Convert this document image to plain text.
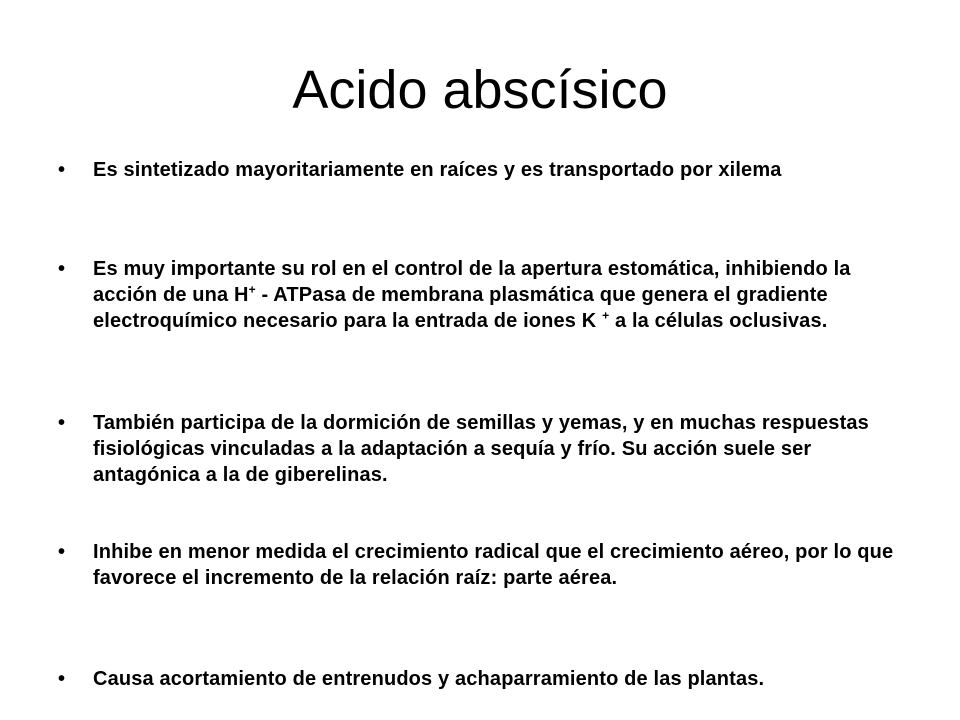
Acido abscísico
• Es sintetizado mayoritariamente en raíces y es transportado por xilema
• Es muy importante su rol en el control de la apertura estomática, inhibiendo la acción de una H+ - ATPasa de membrana plasmática que genera el gradiente electroquímico necesario para la entrada de iones K + a la células oclusivas.
• También participa de la dormición de semillas y yemas, y en muchas respuestas fisiológicas vinculadas a la adaptación a sequía y frío. Su acción suele ser antagónica a la de giberelinas.
• Inhibe en menor medida el crecimiento radical que el crecimiento aéreo, por lo que favorece el incremento de la relación raíz: parte aérea.
• Causa acortamiento de entrenudos y achaparramiento de las plantas.
